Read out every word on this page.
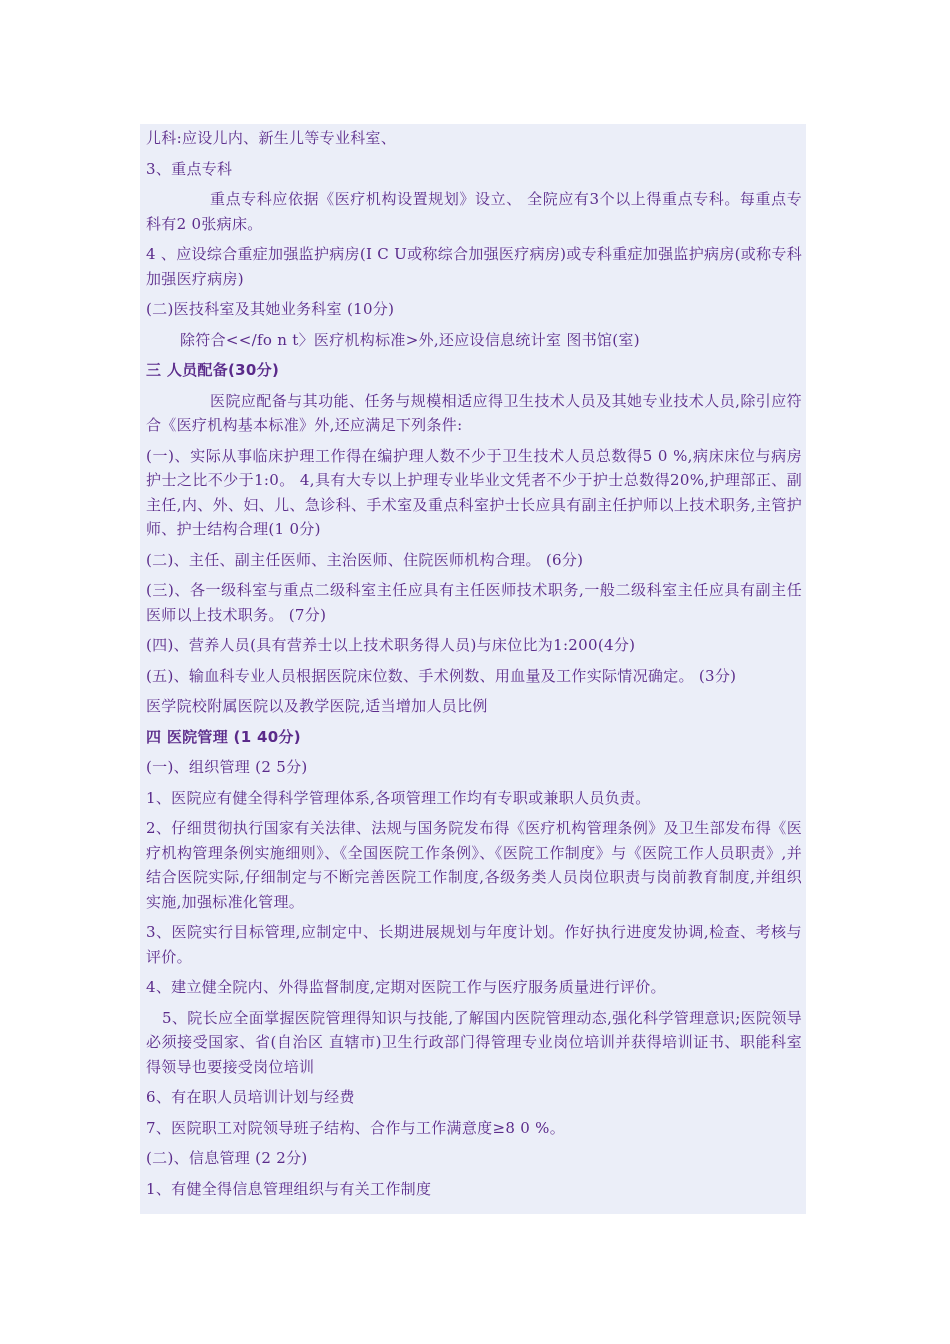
儿科:应设儿内、新生儿等专业科室、

3、重点专科

重点专科应依据《医疗机构设置规划》设立、 全院应有3个以上得重点专科。每重点专科有2 0张病床。

4 、应设综合重症加强监护病房(I C U或称综合加强医疗病房)或专科重症加强监护病房(或称专科加强医疗病房)

(二)医技科室及其她业务科室 (10分)

除符合<</fo n t〉医疗机构标准>外,还应设信息统计室 图书馆(室)

三 人员配备(30分)

医院应配备与其功能、任务与规模相适应得卫生技术人员及其她专业技术人员,除引应符合《医疗机构基本标准》外,还应满足下列条件:

(一)、实际从事临床护理工作得在编护理人数不少于卫生技术人员总数得5 0 %,病床床位与病房护士之比不少于1:0。 4,具有大专以上护理专业毕业文凭者不少于护士总数得20%,护理部正、副主任,内、外、妇、儿、急诊科、手术室及重点科室护士长应具有副主任护师以上技术职务,主管护师、护士结构合理(1 0分)

(二)、主任、副主任医师、主治医师、住院医师机构合理。 (6分)

(三)、各一级科室与重点二级科室主任应具有主任医师技术职务,一般二级科室主任应具有副主任医师以上技术职务。 (7分)

(四)、营养人员(具有营养士以上技术职务得人员)与床位比为1:200(4分)

(五)、输血科专业人员根据医院床位数、手术例数、用血量及工作实际情况确定。 (3分)

医学院校附属医院以及教学医院,适当增加人员比例

四 医院管理 (1 40分)

(一)、组织管理 (2 5分)

1、医院应有健全得科学管理体系,各项管理工作均有专职或兼职人员负责。

2、仔细贯彻执行国家有关法律、法规与国务院发布得《医疗机构管理条例》及卫生部发布得《医疗机构管理条例实施细则》、《全国医院工作条例》、《医院工作制度》与《医院工作人员职责》,并结合医院实际,仔细制定与不断完善医院工作制度,各级务类人员岗位职责与岗前教育制度,并组织实施,加强标准化管理。

3、医院实行目标管理,应制定中、长期进展规划与年度计划。作好执行进度发协调,检查、考核与评价。

4、建立健全院内、外得监督制度,定期对医院工作与医疗服务质量进行评价。

5、院长应全面掌握医院管理得知识与技能,了解国内医院管理动态,强化科学管理意识;医院领导必须接受国家、省(自治区 直辖市)卫生行政部门得管理专业岗位培训并获得培训证书、职能科室得领导也要接受岗位培训

6、有在职人员培训计划与经费

7、医院职工对院领导班子结构、合作与工作满意度≥8 0 %。

(二)、信息管理 (2 2分)

1、有健全得信息管理组织与有关工作制度
